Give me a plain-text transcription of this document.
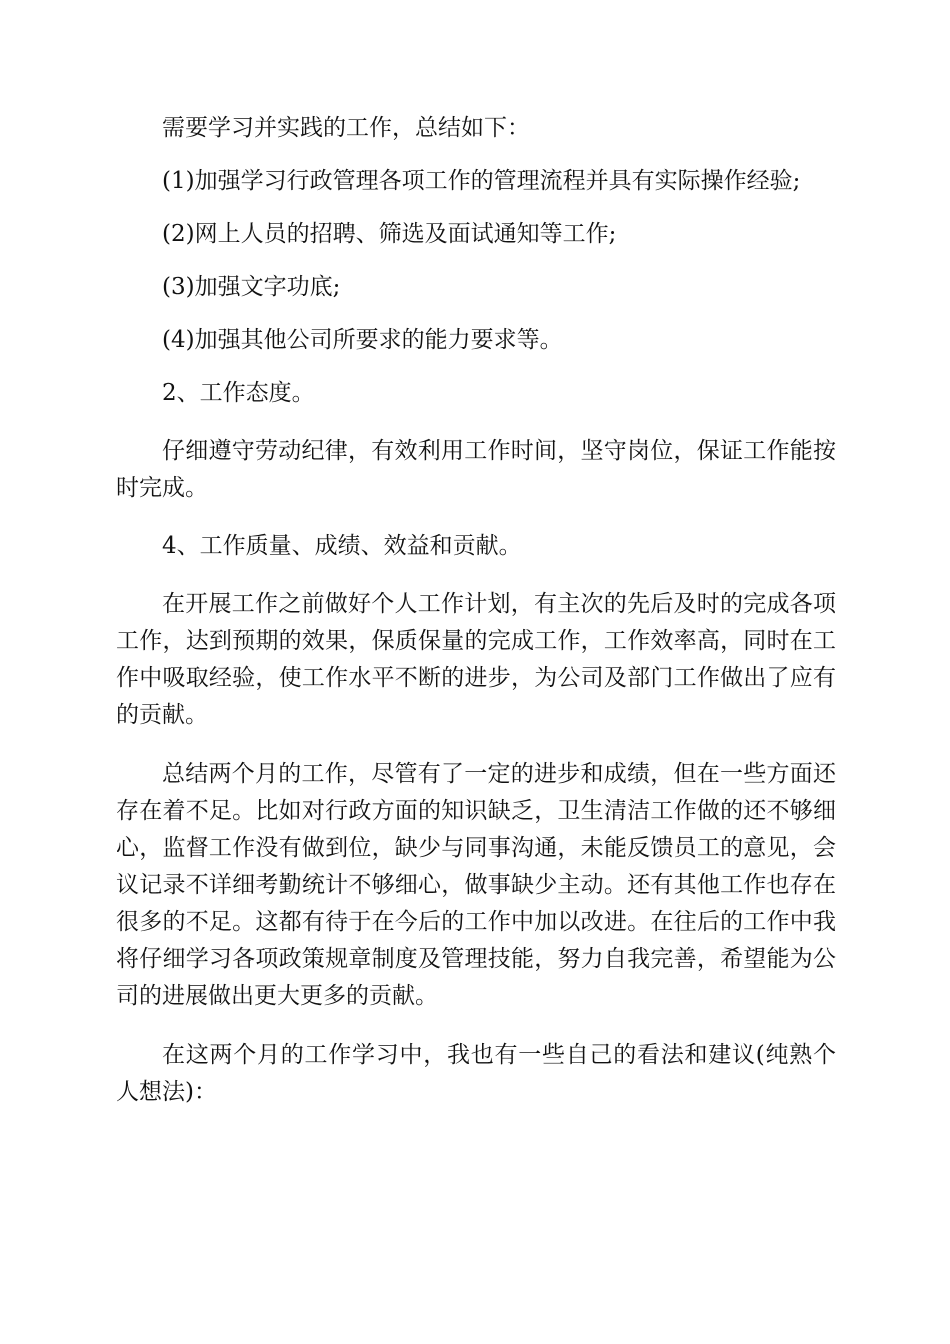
需要学习并实践的工作，总结如下：

(1)加强学习行政管理各项工作的管理流程并具有实际操作经验;

(2)网上人员的招聘、筛选及面试通知等工作;

(3)加强文字功底;

(4)加强其他公司所要求的能力要求等。

2、工作态度。

仔细遵守劳动纪律，有效利用工作时间，坚守岗位，保证工作能按时完成。

4、工作质量、成绩、效益和贡献。

在开展工作之前做好个人工作计划，有主次的先后及时的完成各项工作，达到预期的效果，保质保量的完成工作，工作效率高，同时在工作中吸取经验，使工作水平不断的进步，为公司及部门工作做出了应有的贡献。

总结两个月的工作，尽管有了一定的进步和成绩，但在一些方面还存在着不足。比如对行政方面的知识缺乏，卫生清洁工作做的还不够细心，监督工作没有做到位，缺少与同事沟通，未能反馈员工的意见，会议记录不详细考勤统计不够细心，做事缺少主动。还有其他工作也存在很多的不足。这都有待于在今后的工作中加以改进。在往后的工作中我将仔细学习各项政策规章制度及管理技能，努力自我完善，希望能为公司的进展做出更大更多的贡献。

在这两个月的工作学习中，我也有一些自己的看法和建议(纯熟个人想法)：
